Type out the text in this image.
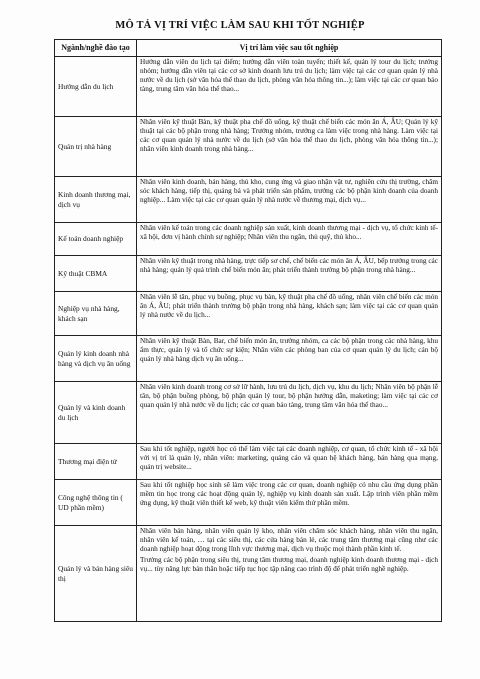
MÔ TẢ VỊ TRÍ VIỆC LÀM SAU KHI TỐT NGHIỆP
Ngành/nghề đào tạo	Vị trí làm việc sau tốt nghiệp
Hướng dẫn du lịch	Hướng dẫn viên du lịch tại điểm; hướng dẫn viên toàn tuyến; thiết kế, quản lý tour du lịch; trưởng nhóm; hướng dẫn viên tại các cơ sở kinh doanh lưu trú du lịch; làm việc tại các cơ quan quản lý nhà nước về du lịch (sở văn hóa thể thao du lịch, phòng văn hóa thông tin...); làm việc tại các cơ quan bảo tàng, trung tâm văn hóa thể thao...
Quản trị nhà hàng	Nhân viên kỹ thuật Bàn, kỹ thuật pha chế đồ uống, kỹ thuật chế biến các món ăn Á, ÂU; Quản lý kỹ thuật tại các bộ phận trong nhà hàng; Trưởng nhóm, trưởng ca làm việc trong nhà hàng. Làm việc tại các cơ quan quản lý nhà nước về du lịch (sở văn hóa thể thao du lịch, phòng văn hóa thông tin...); nhân viên kinh doanh trong nhà hàng...
Kinh doanh thương mại, dịch vụ	Nhân viên kinh doanh, bán hàng, thủ kho, cung ứng và giao nhận vật tư, nghiên cứu thị trường, chăm sóc khách hàng, tiếp thị, quảng bá và phát triển sản phẩm, trưởng các bộ phận kinh doanh của doanh nghiệp... Làm việc tại các cơ quan quản lý nhà nước về thương mại, dịch vụ...
Kế toán doanh nghiệp	Nhân viên kế toán trong các doanh nghiệp sản xuất, kinh doanh thương mại - dịch vụ, tổ chức kinh tế- xã hội, đơn vị hành chính sự nghiệp; Nhân viên thu ngân, thủ quỹ, thủ kho...
Kỹ thuật CBMA	Nhân viên kỹ thuật trong nhà hàng, trực tiếp sơ chế, chế biến các món ăn Á, ÂU, bếp trưởng trong các nhà hàng; quản lý quá trình chế biến món ăn; phát triển thành trưởng bộ phận trong nhà hàng...
Nghiệp vụ nhà hàng, khách sạn	Nhân viên lễ tân, phục vụ buồng, phục vụ bàn, kỹ thuật pha chế đồ uống, nhân viên chế biến các món ăn Á, ÂU; phát triển thành trưởng bộ phận trong nhà hàng, khách sạn; làm việc tại các cơ quan quản lý nhà nước về du lịch...
Quản lý kinh doanh nhà hàng và dịch vụ ăn uống	Nhân viên kỹ thuật Bàn, Bar, chế biến món ăn, trưởng nhóm, ca các bộ phận trong các nhà hàng, khu ẩm thực, quản lý và tổ chức sự kiện; Nhân viên các phòng ban của cơ quan quản lý du lịch; cán bộ quản lý nhà hàng dịch vụ ăn uống...
Quản lý và kinh doanh du lịch	Nhân viên kinh doanh trong cơ sở lữ hành, lưu trú du lịch, dịch vụ, khu du lịch; Nhân viên bộ phận lễ tân, bộ phận buồng phòng, bộ phận quản lý tour, bộ phận hướng dẫn, maketing; làm việc tại các cơ quan quản lý nhà nước về du lịch; các cơ quan bảo tàng, trung tâm văn hóa thể thao...
Thương mại điện tử	Sau khi tốt nghiệp, người học có thể làm việc tại các doanh nghiệp, cơ quan, tổ chức kinh tế - xã hội với vị trí là quản lý, nhân viên: marketing, quảng cáo và quan hệ khách hàng, bán hàng qua mạng, quản trị website...
Công nghệ thông tin ( UD phần mềm)	Sau khi tốt nghiệp học sinh sẽ làm việc trong các cơ quan, doanh nghiệp có nhu cầu ứng dụng phần mềm tin học trong các hoạt động quản lý, nghiệp vụ kinh doanh sản xuất. Lập trình viên phần mềm ứng dụng, kỹ thuật viên thiết kế web, kỹ thuật viên kiểm thử phần mềm.
Quản lý và bán hàng siêu thị	Nhân viên bán hàng, nhân viên quản lý kho, nhân viên chăm sóc khách hàng, nhân viên thu ngân, nhân viên kế toán, … tại các siêu thị, các cửa hàng bán lẻ, các trung tâm thương mại cũng như các doanh nghiệp hoạt động trong lĩnh vực thương mại, dịch vụ thuộc mọi thành phần kinh tế.

Trưởng các bộ phận trong siêu thị, trung tâm thương mại, doanh nghiệp kinh doanh thương mại - dịch vụ... tùy năng lực bản thân hoặc tiếp tục học tập nâng cao trình độ để phát triển nghề nghiệp.
